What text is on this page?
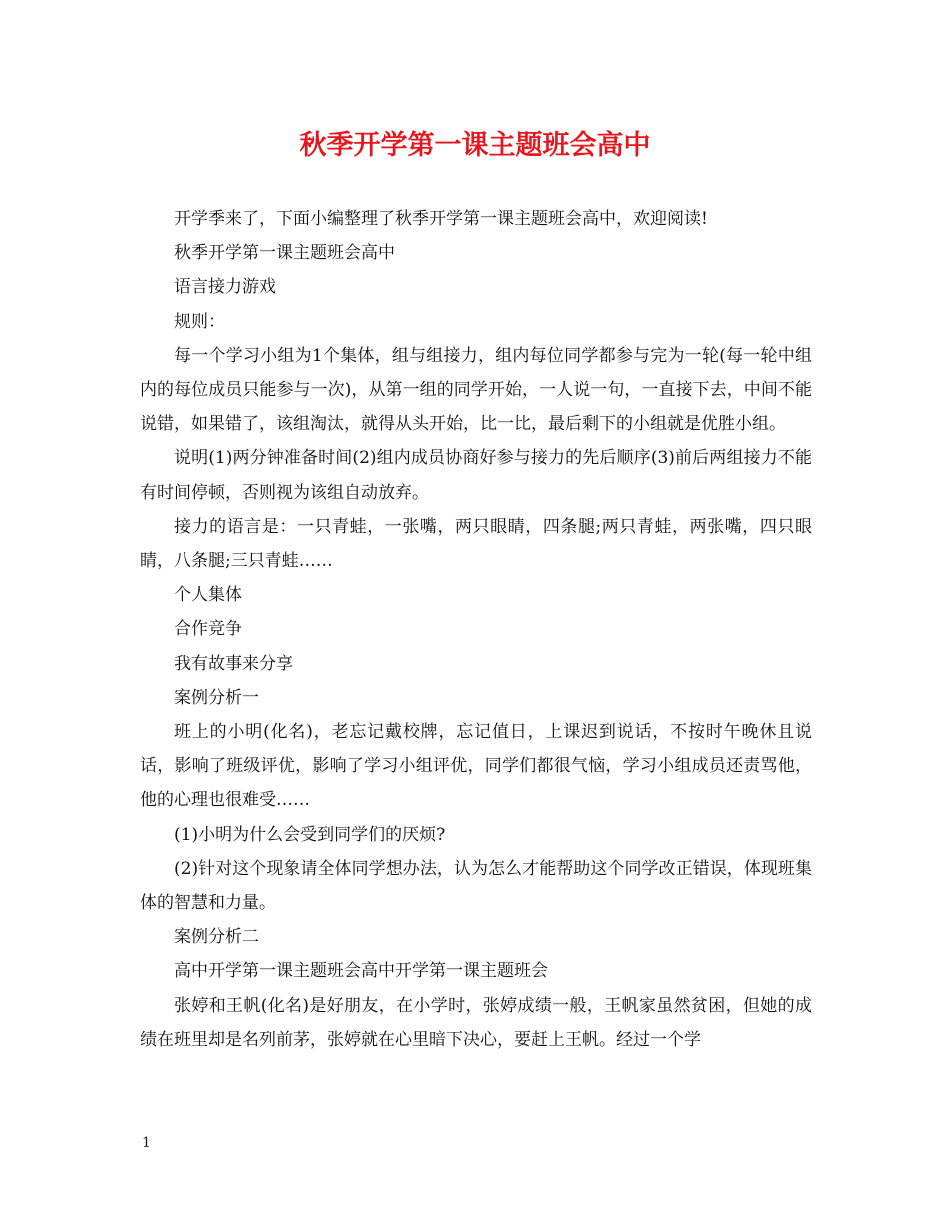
秋季开学第一课主题班会高中

开学季来了，下面小编整理了秋季开学第一课主题班会高中，欢迎阅读!

秋季开学第一课主题班会高中

语言接力游戏

规则：

每一个学习小组为1个集体，组与组接力，组内每位同学都参与完为一轮(每一轮中组内的每位成员只能参与一次)，从第一组的同学开始，一人说一句，一直接下去，中间不能说错，如果错了，该组淘汰，就得从头开始，比一比，最后剩下的小组就是优胜小组。

说明(1)两分钟准备时间(2)组内成员协商好参与接力的先后顺序(3)前后两组接力不能有时间停顿，否则视为该组自动放弃。

接力的语言是：一只青蛙，一张嘴，两只眼睛，四条腿;两只青蛙，两张嘴，四只眼睛，八条腿;三只青蛙……

个人集体

合作竞争

我有故事来分享

案例分析一

班上的小明(化名)，老忘记戴校牌，忘记值日，上课迟到说话，不按时午晚休且说话，影响了班级评优，影响了学习小组评优，同学们都很气恼，学习小组成员还责骂他，他的心理也很难受……

(1)小明为什么会受到同学们的厌烦?

(2)针对这个现象请全体同学想办法，认为怎么才能帮助这个同学改正错误，体现班集体的智慧和力量。

案例分析二

高中开学第一课主题班会高中开学第一课主题班会

张婷和王帆(化名)是好朋友，在小学时，张婷成绩一般，王帆家虽然贫困，但她的成绩在班里却是名列前茅，张婷就在心里暗下决心，要赶上王帆。经过一个学

1
